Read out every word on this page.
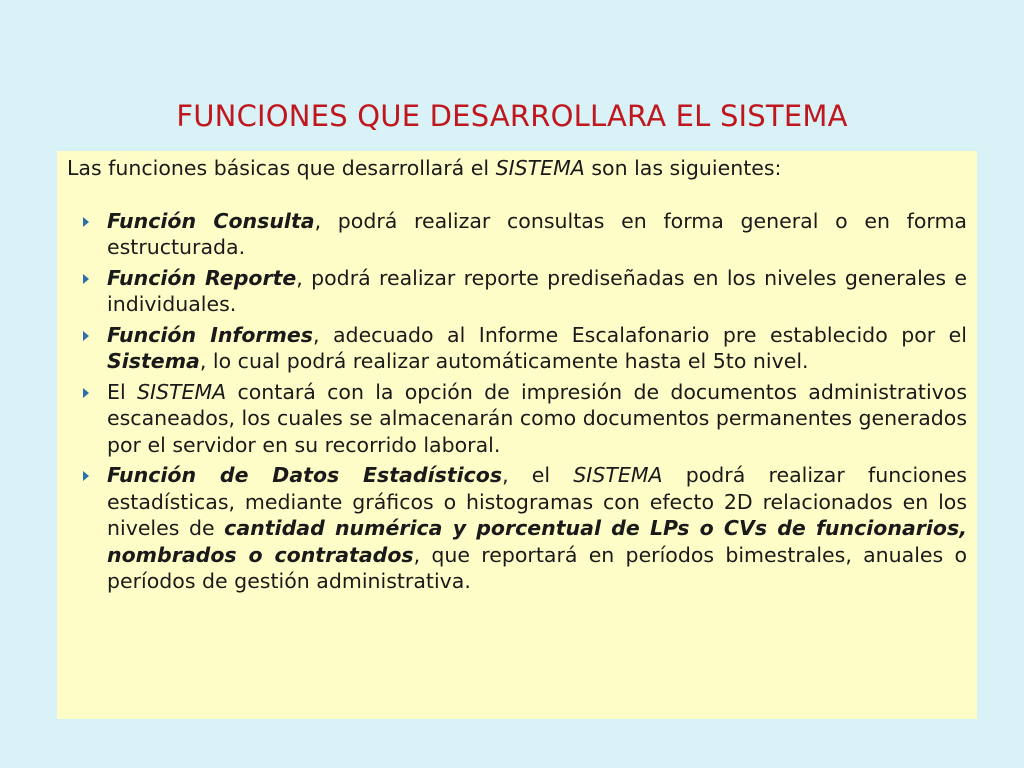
FUNCIONES QUE DESARROLLARA EL SISTEMA

Las funciones básicas que desarrollará el SISTEMA son las siguientes:

Función Consulta, podrá realizar consultas en forma general o en forma estructurada.
Función Reporte, podrá realizar reporte prediseñadas en los niveles generales e individuales.
Función Informes, adecuado al Informe Escalafonario pre establecido por el Sistema, lo cual podrá realizar automáticamente hasta el 5to nivel.
El SISTEMA contará con la opción de impresión de documentos administrativos escaneados, los cuales se almacenarán como documentos permanentes generados por el servidor en su recorrido laboral.
Función de Datos Estadísticos, el SISTEMA podrá realizar funciones estadísticas, mediante gráficos o histogramas con efecto 2D relacionados en los niveles de cantidad numérica y porcentual de LPs o CVs de funcionarios, nombrados o contratados, que reportará en períodos bimestrales, anuales o períodos de gestión administrativa.
